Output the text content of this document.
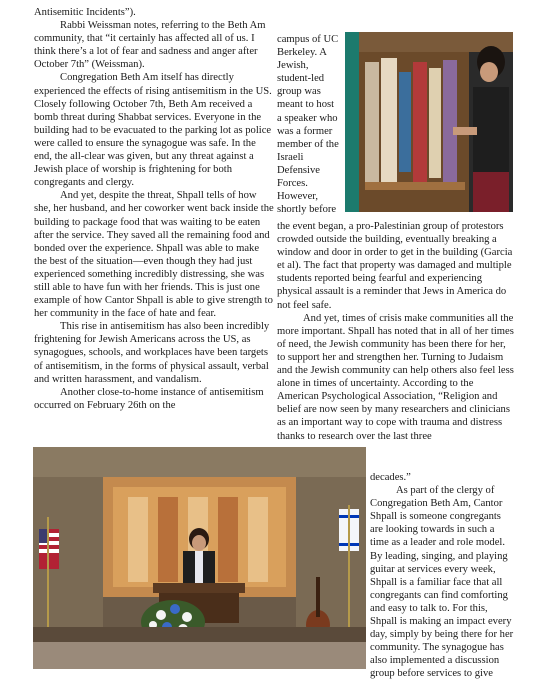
Antisemitic Incidents”).

Rabbi Weissman notes, referring to the Beth Am community, that “it certainly has affected all of us. I think there’s a lot of fear and sadness and anger after October 7th” (Weissman).

Congregation Beth Am itself has directly experienced the effects of rising antisemitism in the US. Closely following October 7th, Beth Am received a bomb threat during Shabbat services. Everyone in the building had to be evacuated to the parking lot as police were called to ensure the synagogue was safe. In the end, the all-clear was given, but any threat against a Jewish place of worship is frightening for both congregants and clergy.

And yet, despite the threat, Shpall tells of how she, her husband, and her coworker went back inside the building to package food that was waiting to be eaten after the service. They saved all the remaining food and bonded over the experience. Shpall was able to make the best of the situation—even though they had just experienced something incredibly distressing, she was still able to have fun with her friends. This is just one example of how Cantor Shpall is able to give strength to her community in the face of hate and fear.

This rise in antisemitism has also been incredibly frightening for Jewish Americans across the US, as synagogues, schools, and workplaces have been targets of antisemitism, in the forms of physical assault, verbal and written harassment, and vandalism.

Another close-to-home instance of antisemitism occurred on February 26th on the

campus of UC Berkeley. A Jewish, student-led group was meant to host a speaker who was a former member of the Israeli Defensive Forces. However, shortly before

the event began, a pro-Palestinian group of protestors crowded outside the building, eventually breaking a window and door in order to get in the building (Garcia et al). The fact that property was damaged and multiple students reported being fearful and experiencing physical assault is a reminder that Jews in America do not feel safe.

And yet, times of crisis make communities all the more important. Shpall has noted that in all of her times of need, the Jewish community has been there for her, to support her and strengthen her. Turning to Judaism and the Jewish community can help others also feel less alone in times of uncertainty. According to the American Psychological Association, “Religion and belief are now seen by many researchers and clinicians as an important way to cope with trauma and distress thanks to research over the last three

decades.”

As part of the clergy of Congregation Beth Am, Cantor Shpall is someone congregants are looking towards in such a time as a leader and role model. By leading, singing, and playing guitar at services every week, Shpall is a familiar face that all congregants can find comforting and easy to talk to. For this, Shpall is making an impact every day, simply by being there for her community. The synagogue has also implemented a discussion group before services to give
